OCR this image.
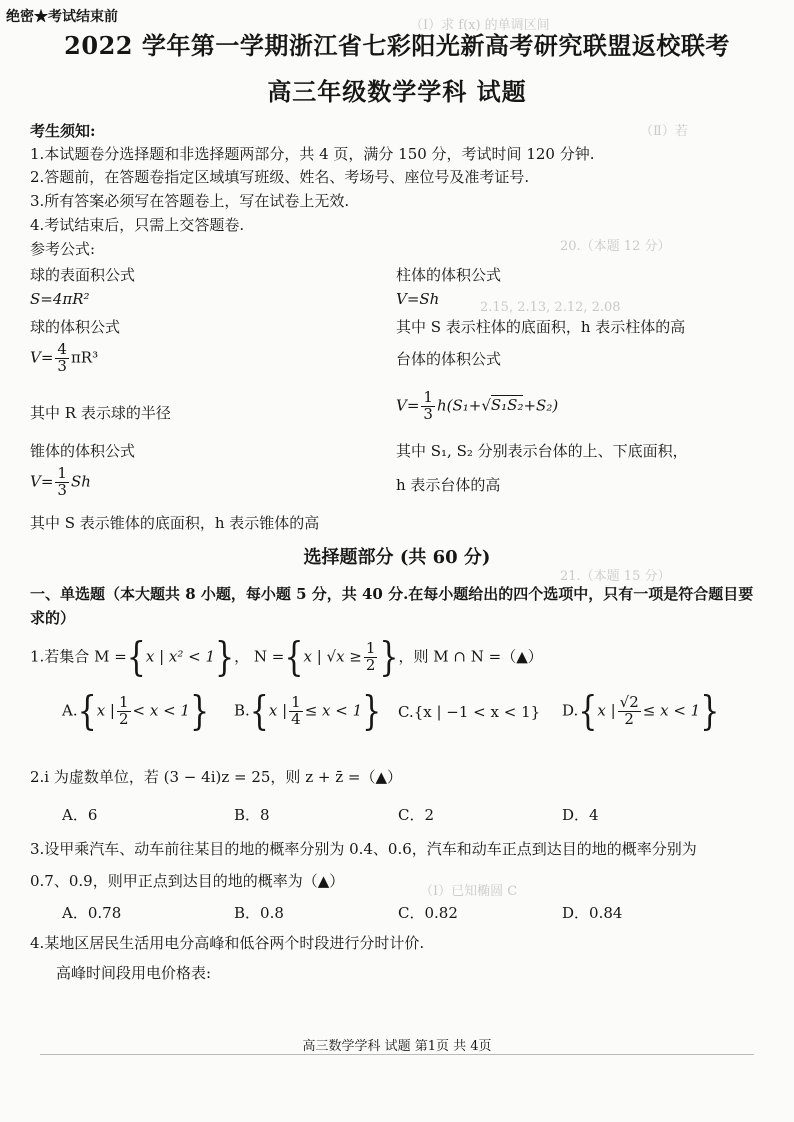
（Ⅰ）求 f(x) 的单调区间
（Ⅱ）若
20.（本题 12 分）
2.15, 2.13, 2.12, 2.08
21.（本题 15 分）
（Ⅰ）已知椭圆 C
绝密★考试结束前
2022 学年第一学期浙江省七彩阳光新高考研究联盟返校联考
高三年级数学学科 试题
考生须知:
1.本试题卷分选择题和非选择题两部分，共 4 页，满分 150 分，考试时间 120 分钟.
2.答题前，在答题卷指定区域填写班级、姓名、考场号、座位号及准考证号.
3.所有答案必须写在答题卷上，写在试卷上无效.
4.考试结束后，只需上交答题卷.
参考公式:
球的表面积公式
S=4πR²
球的体积公式
$V= \frac{4}{3} \pi R^3$
其中 R 表示球的半径
锥体的体积公式
$V= \frac{1}{3}$ Sh
其中 S 表示锥体的底面积，h 表示锥体的高
柱体的体积公式
V=Sh
其中 S 表示柱体的底面积，h 表示柱体的高
台体的体积公式
$V= \frac{1}{3} h(S_1+√S_1S_2+S_2)$
其中 S₁, S₂ 分别表示台体的上、下底面积，
h 表示台体的高
选择题部分 (共 60 分)
一、单选题（本大题共 8 小题，每小题 5 分，共 40 分.在每小题给出的四个选项中，只有一项是符合题目要求的）
1.若集合 M ={x | x² < 1}， N ={x | $√x \ge \frac{1}{2}$ }，则 M ∩ N =（▲）
A.{x | $\frac{1}{2} < x < 1$} B.{x | $\frac{1}{4} \le x < 1$} C.{x | −1 < x < 1} D.{x | $\frac{√2}{2} \le x < 1$}
2.i 为虚数单位，若 (3 − 4i)z = 25，则 z + z̄ =（▲）
A．6	B．8	C．2	D．4
3.设甲乘汽车、动车前往某目的地的概率分别为 0.4、0.6，汽车和动车正点到达目的地的概率分别为
0.7、0.9，则甲正点到达目的地的概率为（▲）
A．0.78	B．0.8	C．0.82	D．0.84
4.某地区居民生活用电分高峰和低谷两个时段进行分时计价.
高峰时间段用电价格表:
高三数学学科 试题 第1页 共 4页
